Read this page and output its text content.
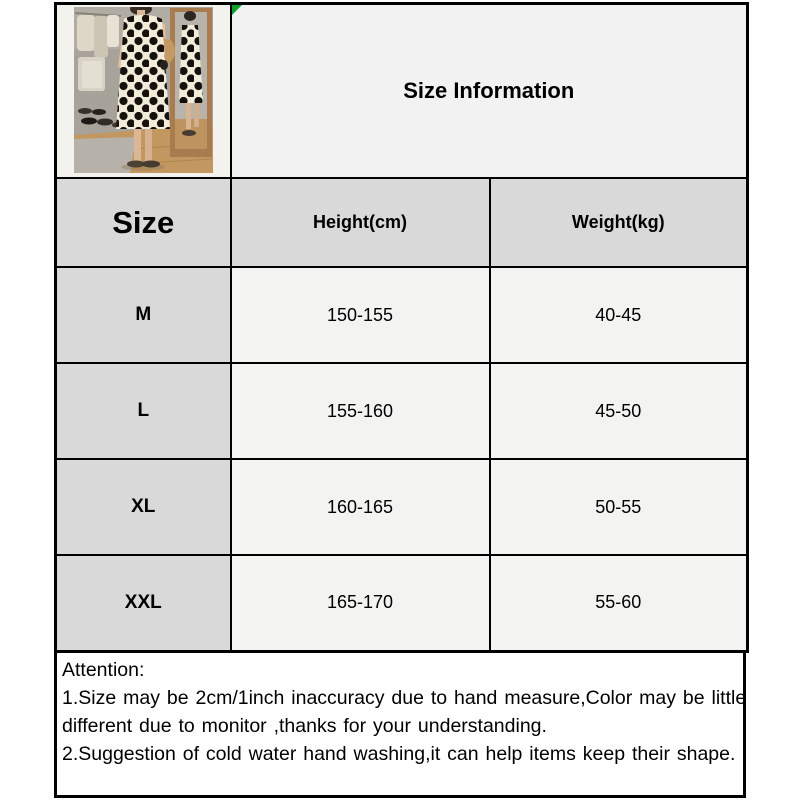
Size Information	
Size	Height(cm)	Weight(kg)
M	150-155	40-45
L	155-160	45-50
XL	160-165	50-55
XXL	165-170	55-60
Attention:
1.Size may be 2cm/1inch inaccuracy due to hand measure,Color may be little
different due to monitor ,thanks for your understanding.
2.Suggestion of cold water hand washing,it can help items keep their shape.
